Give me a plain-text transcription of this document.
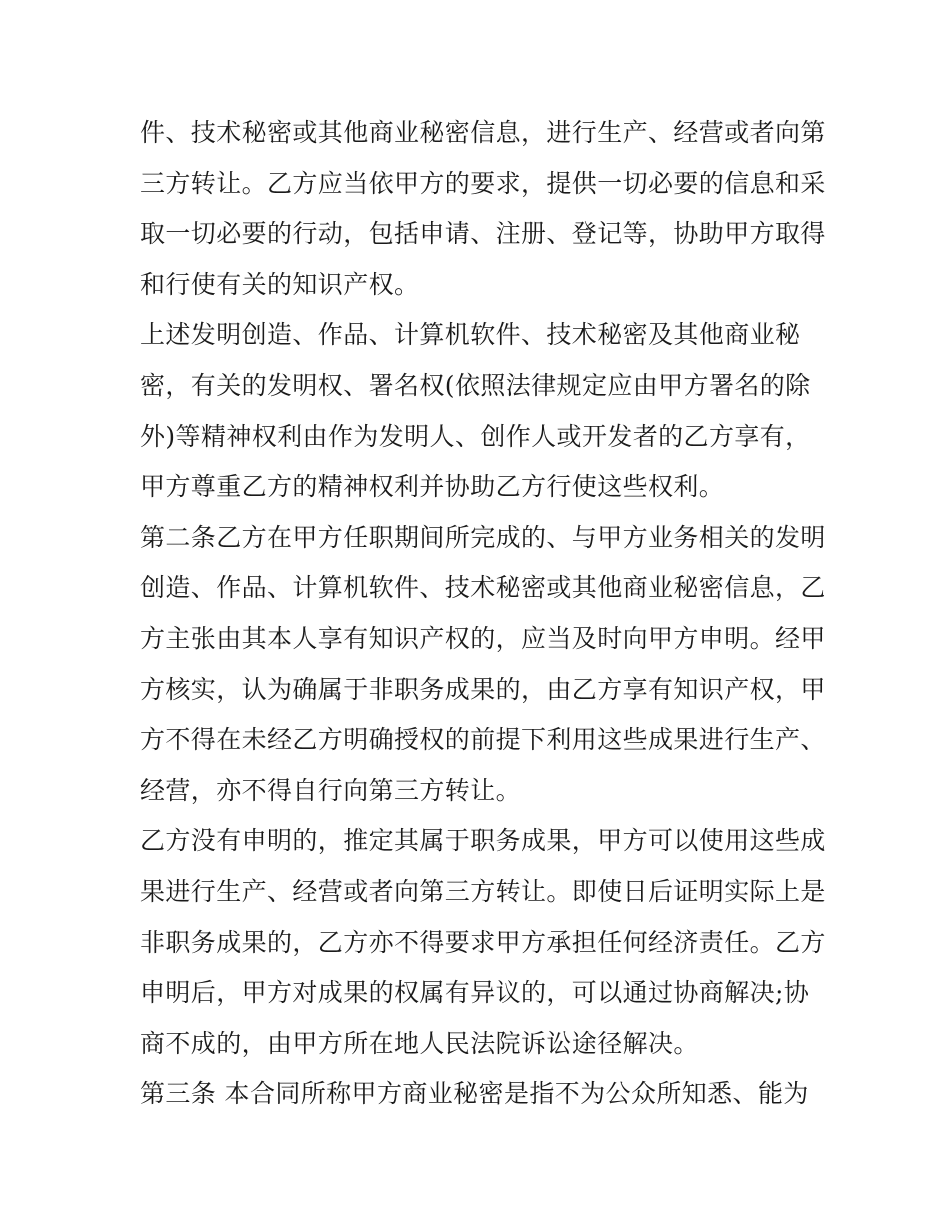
件、技术秘密或其他商业秘密信息，进行生产、经营或者向第
三方转让。乙方应当依甲方的要求，提供一切必要的信息和采
取一切必要的行动，包括申请、注册、登记等，协助甲方取得
和行使有关的知识产权。
上述发明创造、作品、计算机软件、技术秘密及其他商业秘
密，有关的发明权、署名权(依照法律规定应由甲方署名的除
外)等精神权利由作为发明人、创作人或开发者的乙方享有，
甲方尊重乙方的精神权利并协助乙方行使这些权利。
第二条乙方在甲方任职期间所完成的、与甲方业务相关的发明
创造、作品、计算机软件、技术秘密或其他商业秘密信息，乙
方主张由其本人享有知识产权的，应当及时向甲方申明。经甲
方核实，认为确属于非职务成果的，由乙方享有知识产权，甲
方不得在未经乙方明确授权的前提下利用这些成果进行生产、
经营，亦不得自行向第三方转让。
乙方没有申明的，推定其属于职务成果，甲方可以使用这些成
果进行生产、经营或者向第三方转让。即使日后证明实际上是
非职务成果的，乙方亦不得要求甲方承担任何经济责任。乙方
申明后，甲方对成果的权属有异议的，可以通过协商解决;协
商不成的，由甲方所在地人民法院诉讼途径解决。
第三条 本合同所称甲方商业秘密是指不为公众所知悉、能为
